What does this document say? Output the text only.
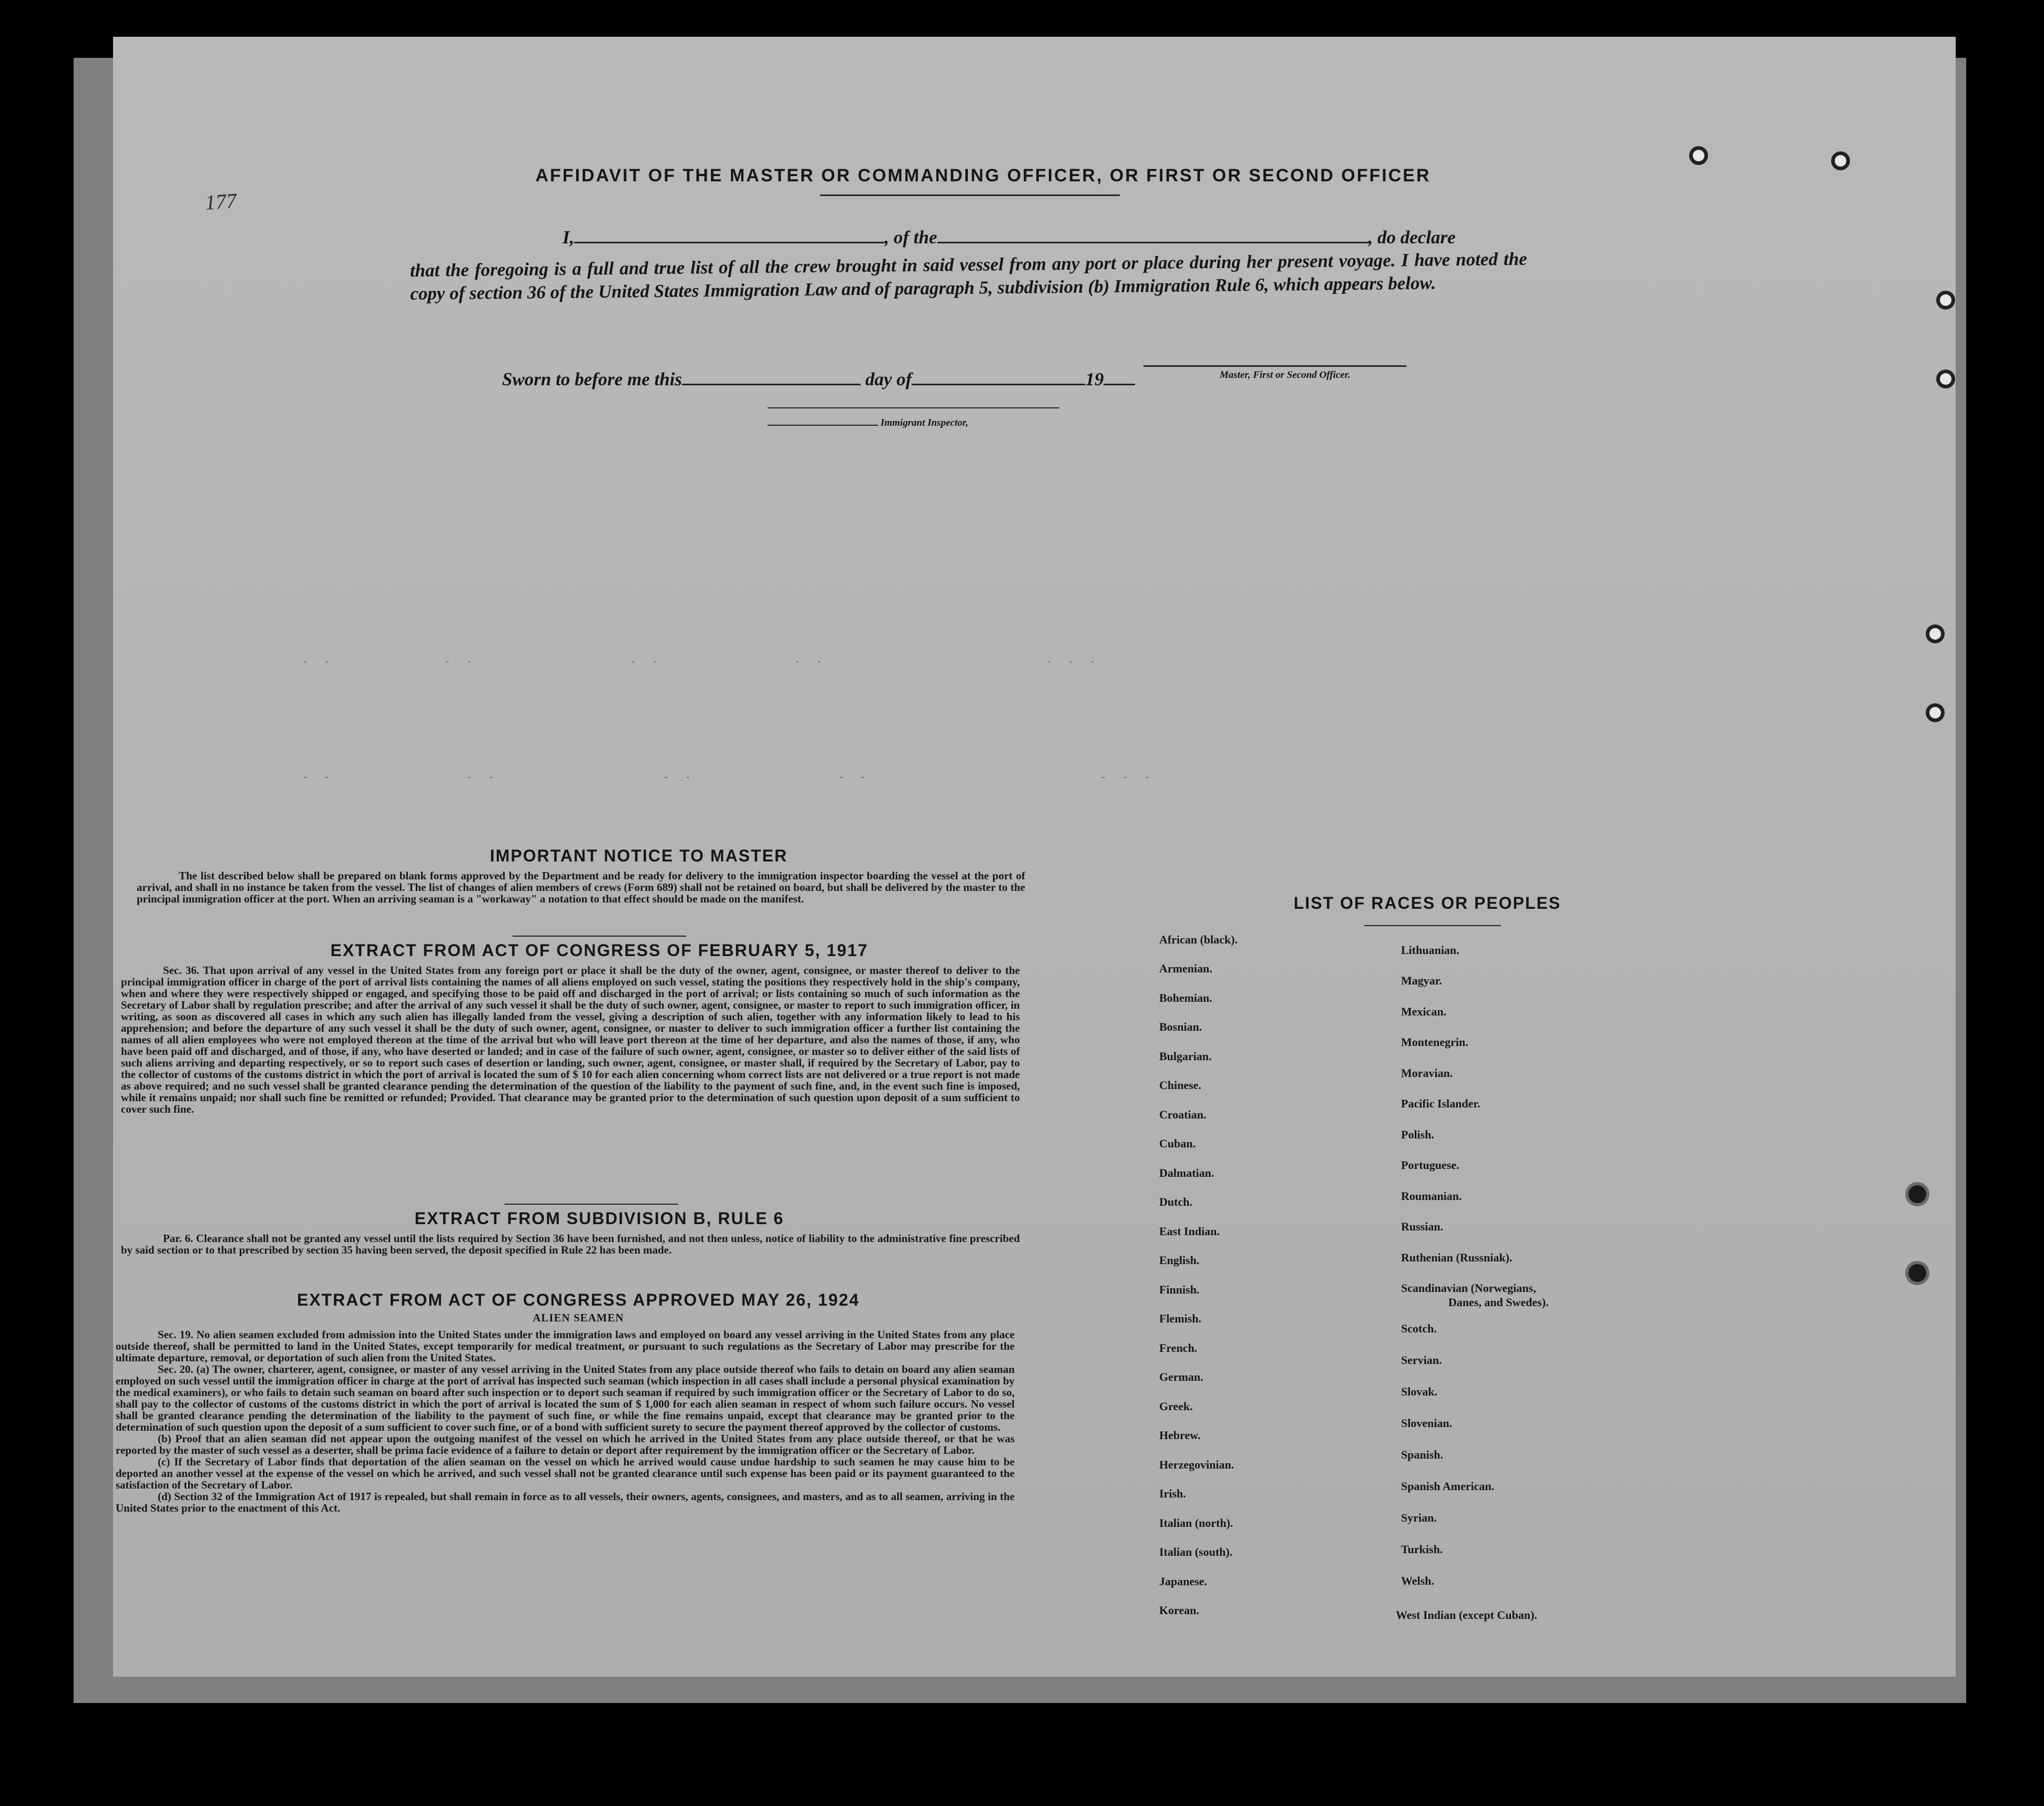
177
AFFIDAVIT OF THE MASTER OR COMMANDING OFFICER, OR FIRST OR SECOND OFFICER
I,	, of the	, do declare
that the foregoing is a full and true list of all the crew brought in said vessel from any port or place during her present voyage. I have noted the copy of section 36 of the United States Immigration Law and of paragraph 5, subdivision (b) Immigration Rule 6, which appears below.
Sworn to before me this	day of	19	Master, First or Second Officer.
Immigrant Inspector,
- -          - -              - -            - -                    - - -
- -            - -               - -             - -                     - - -
IMPORTANT NOTICE TO MASTER

The list described below shall be prepared on blank forms approved by the Department and be ready for delivery to the immigration inspector boarding the vessel at the port of arrival, and shall in no instance be taken from the vessel. The list of changes of alien members of crews (Form 689) shall not be retained on board, but shall be delivered by the master to the principal immigration officer at the port. When an arriving seaman is a "workaway" a notation to that effect should be made on the manifest.

EXTRACT FROM ACT OF CONGRESS OF FEBRUARY 5, 1917

Sec. 36. That upon arrival of any vessel in the United States from any foreign port or place it shall be the duty of the owner, agent, consignee, or master thereof to deliver to the principal immigration officer in charge of the port of arrival lists containing the names of all aliens employed on such vessel, stating the positions they respectively hold in the ship's company, when and where they were respectively shipped or engaged, and specifying those to be paid off and discharged in the port of arrival; or lists containing so much of such information as the Secretary of Labor shall by regulation prescribe; and after the arrival of any such vessel it shall be the duty of such owner, agent, consignee, or master to report to such immigration officer, in writing, as soon as discovered all cases in which any such alien has illegally landed from the vessel, giving a description of such alien, together with any information likely to lead to his apprehension; and before the departure of any such vessel it shall be the duty of such owner, agent, consignee, or master to deliver to such immigration officer a further list containing the names of all alien employees who were not employed thereon at the time of the arrival but who will leave port thereon at the time of her departure, and also the names of those, if any, who have been paid off and discharged, and of those, if any, who have deserted or landed; and in case of the failure of such owner, agent, consignee, or master so to deliver either of the said lists of such aliens arriving and departing respectively, or so to report such cases of desertion or landing, such owner, agent, consignee, or master shall, if required by the Secretary of Labor, pay to the collector of customs of the customs district in which the port of arrival is located the sum of $ 10 for each alien concerning whom correct lists are not delivered or a true report is not made as above required; and no such vessel shall be granted clearance pending the determination of the question of the liability to the payment of such fine, and, in the event such fine is imposed, while it remains unpaid; nor shall such fine be remitted or refunded; Provided. That clearance may be granted prior to the determination of such question upon deposit of a sum sufficient to cover such fine.

EXTRACT FROM SUBDIVISION B, RULE 6

Par. 6. Clearance shall not be granted any vessel until the lists required by Section 36 have been furnished, and not then unless, notice of liability to the administrative fine prescribed by said section or to that prescribed by section 35 having been served, the deposit specified in Rule 22 has been made.

EXTRACT FROM ACT OF CONGRESS APPROVED MAY 26, 1924
ALIEN SEAMEN

Sec. 19. No alien seamen excluded from admission into the United States under the immigration laws and employed on board any vessel arriving in the United States from any place outside thereof, shall be permitted to land in the United States, except temporarily for medical treatment, or pursuant to such regulations as the Secretary of Labor may prescribe for the ultimate departure, removal, or deportation of such alien from the United States.

Sec. 20. (a) The owner, charterer, agent, consignee, or master of any vessel arriving in the United States from any place outside thereof who fails to detain on board any alien seaman employed on such vessel until the immigration officer in charge at the port of arrival has inspected such seaman (which inspection in all cases shall include a personal physical examination by the medical examiners), or who fails to detain such seaman on board after such inspection or to deport such seaman if required by such immigration officer or the Secretary of Labor to do so, shall pay to the collector of customs of the customs district in which the port of arrival is located the sum of $ 1,000 for each alien seaman in respect of whom such failure occurs. No vessel shall be granted clearance pending the determination of the liability to the payment of such fine, or while the fine remains unpaid, except that clearance may be granted prior to the determination of such question upon the deposit of a sum sufficient to cover such fine, or of a bond with sufficient surety to secure the payment thereof approved by the collector of customs.

(b) Proof that an alien seaman did not appear upon the outgoing manifest of the vessel on which he arrived in the United States from any place outside thereof, or that he was reported by the master of such vessel as a deserter, shall be prima facie evidence of a failure to detain or deport after requirement by the immigration officer or the Secretary of Labor.

(c) If the Secretary of Labor finds that deportation of the alien seaman on the vessel on which he arrived would cause undue hardship to such seamen he may cause him to be deported an another vessel at the expense of the vessel on which he arrived, and such vessel shall not be granted clearance until such expense has been paid or its payment guaranteed to the satisfaction of the Secretary of Labor.

(d) Section 32 of the Immigration Act of 1917 is repealed, but shall remain in force as to all vessels, their owners, agents, consignees, and masters, and as to all seamen, arriving in the United States prior to the enactment of this Act.

LIST OF RACES OR PEOPLES
African (black).
Armenian.
Bohemian.
Bosnian.
Bulgarian.
Chinese.
Croatian.
Cuban.
Dalmatian.
Dutch.
East Indian.
English.
Finnish.
Flemish.
French.
German.
Greek.
Hebrew.
Herzegovinian.
Irish.
Italian (north).
Italian (south).
Japanese.
Korean.
Lithuanian.
Magyar.
Mexican.
Montenegrin.
Moravian.
Pacific Islander.
Polish.
Portuguese.
Roumanian.
Russian.
Ruthenian (Russniak).
Scandinavian (Norwegians,
Danes, and Swedes).
Scotch.
Servian.
Slovak.
Slovenian.
Spanish.
Spanish American.
Syrian.
Turkish.
Welsh.
West Indian (except Cuban).
